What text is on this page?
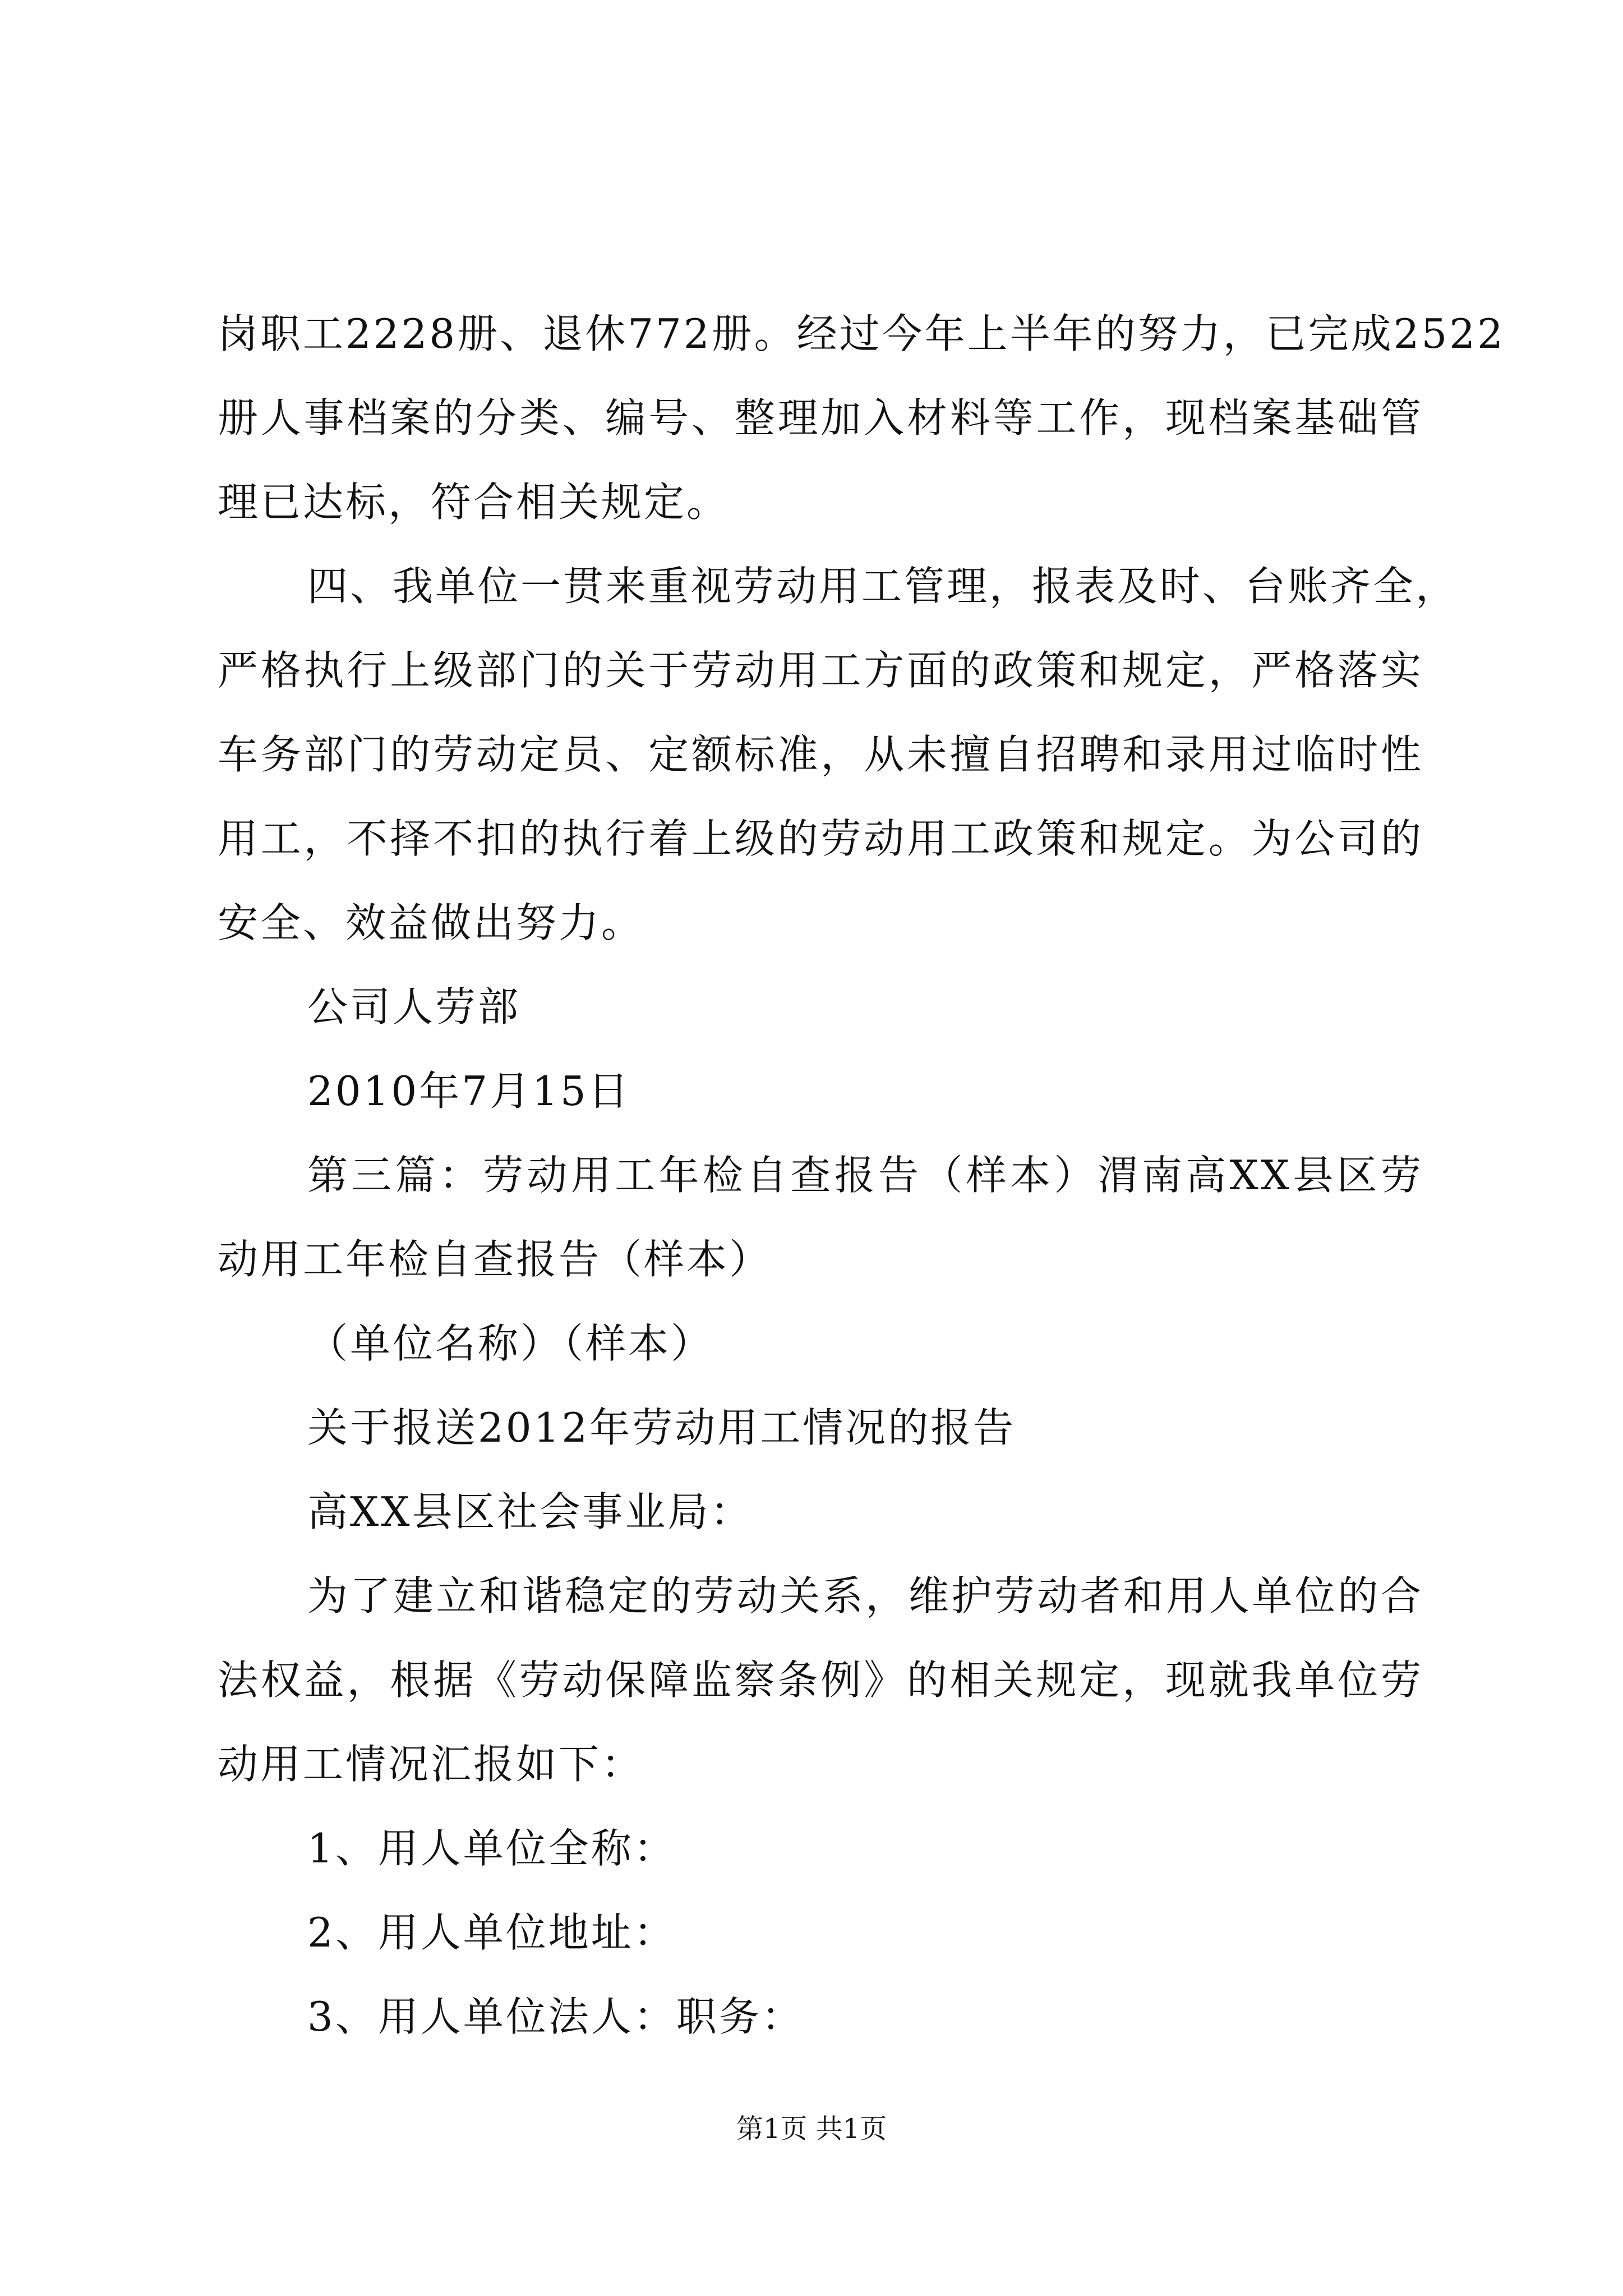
岗职工2228册、退休772册。经过今年上半年的努力，已完成2522

册人事档案的分类、编号、整理加入材料等工作，现档案基础管

理已达标，符合相关规定。

四、我单位一贯来重视劳动用工管理，报表及时、台账齐全，

严格执行上级部门的关于劳动用工方面的政策和规定，严格落实

车务部门的劳动定员、定额标准，从未擅自招聘和录用过临时性

用工，不择不扣的执行着上级的劳动用工政策和规定。为公司的

安全、效益做出努力。

公司人劳部

2010年7月15日

第三篇：劳动用工年检自查报告（样本）渭南高XX县区劳

动用工年检自查报告（样本）

（单位名称）（样本）

关于报送2012年劳动用工情况的报告

高XX县区社会事业局：

为了建立和谐稳定的劳动关系，维护劳动者和用人单位的合

法权益，根据《劳动保障监察条例》的相关规定，现就我单位劳

动用工情况汇报如下：

1、用人单位全称：

2、用人单位地址：

3、用人单位法人：职务：

第1页 共1页
